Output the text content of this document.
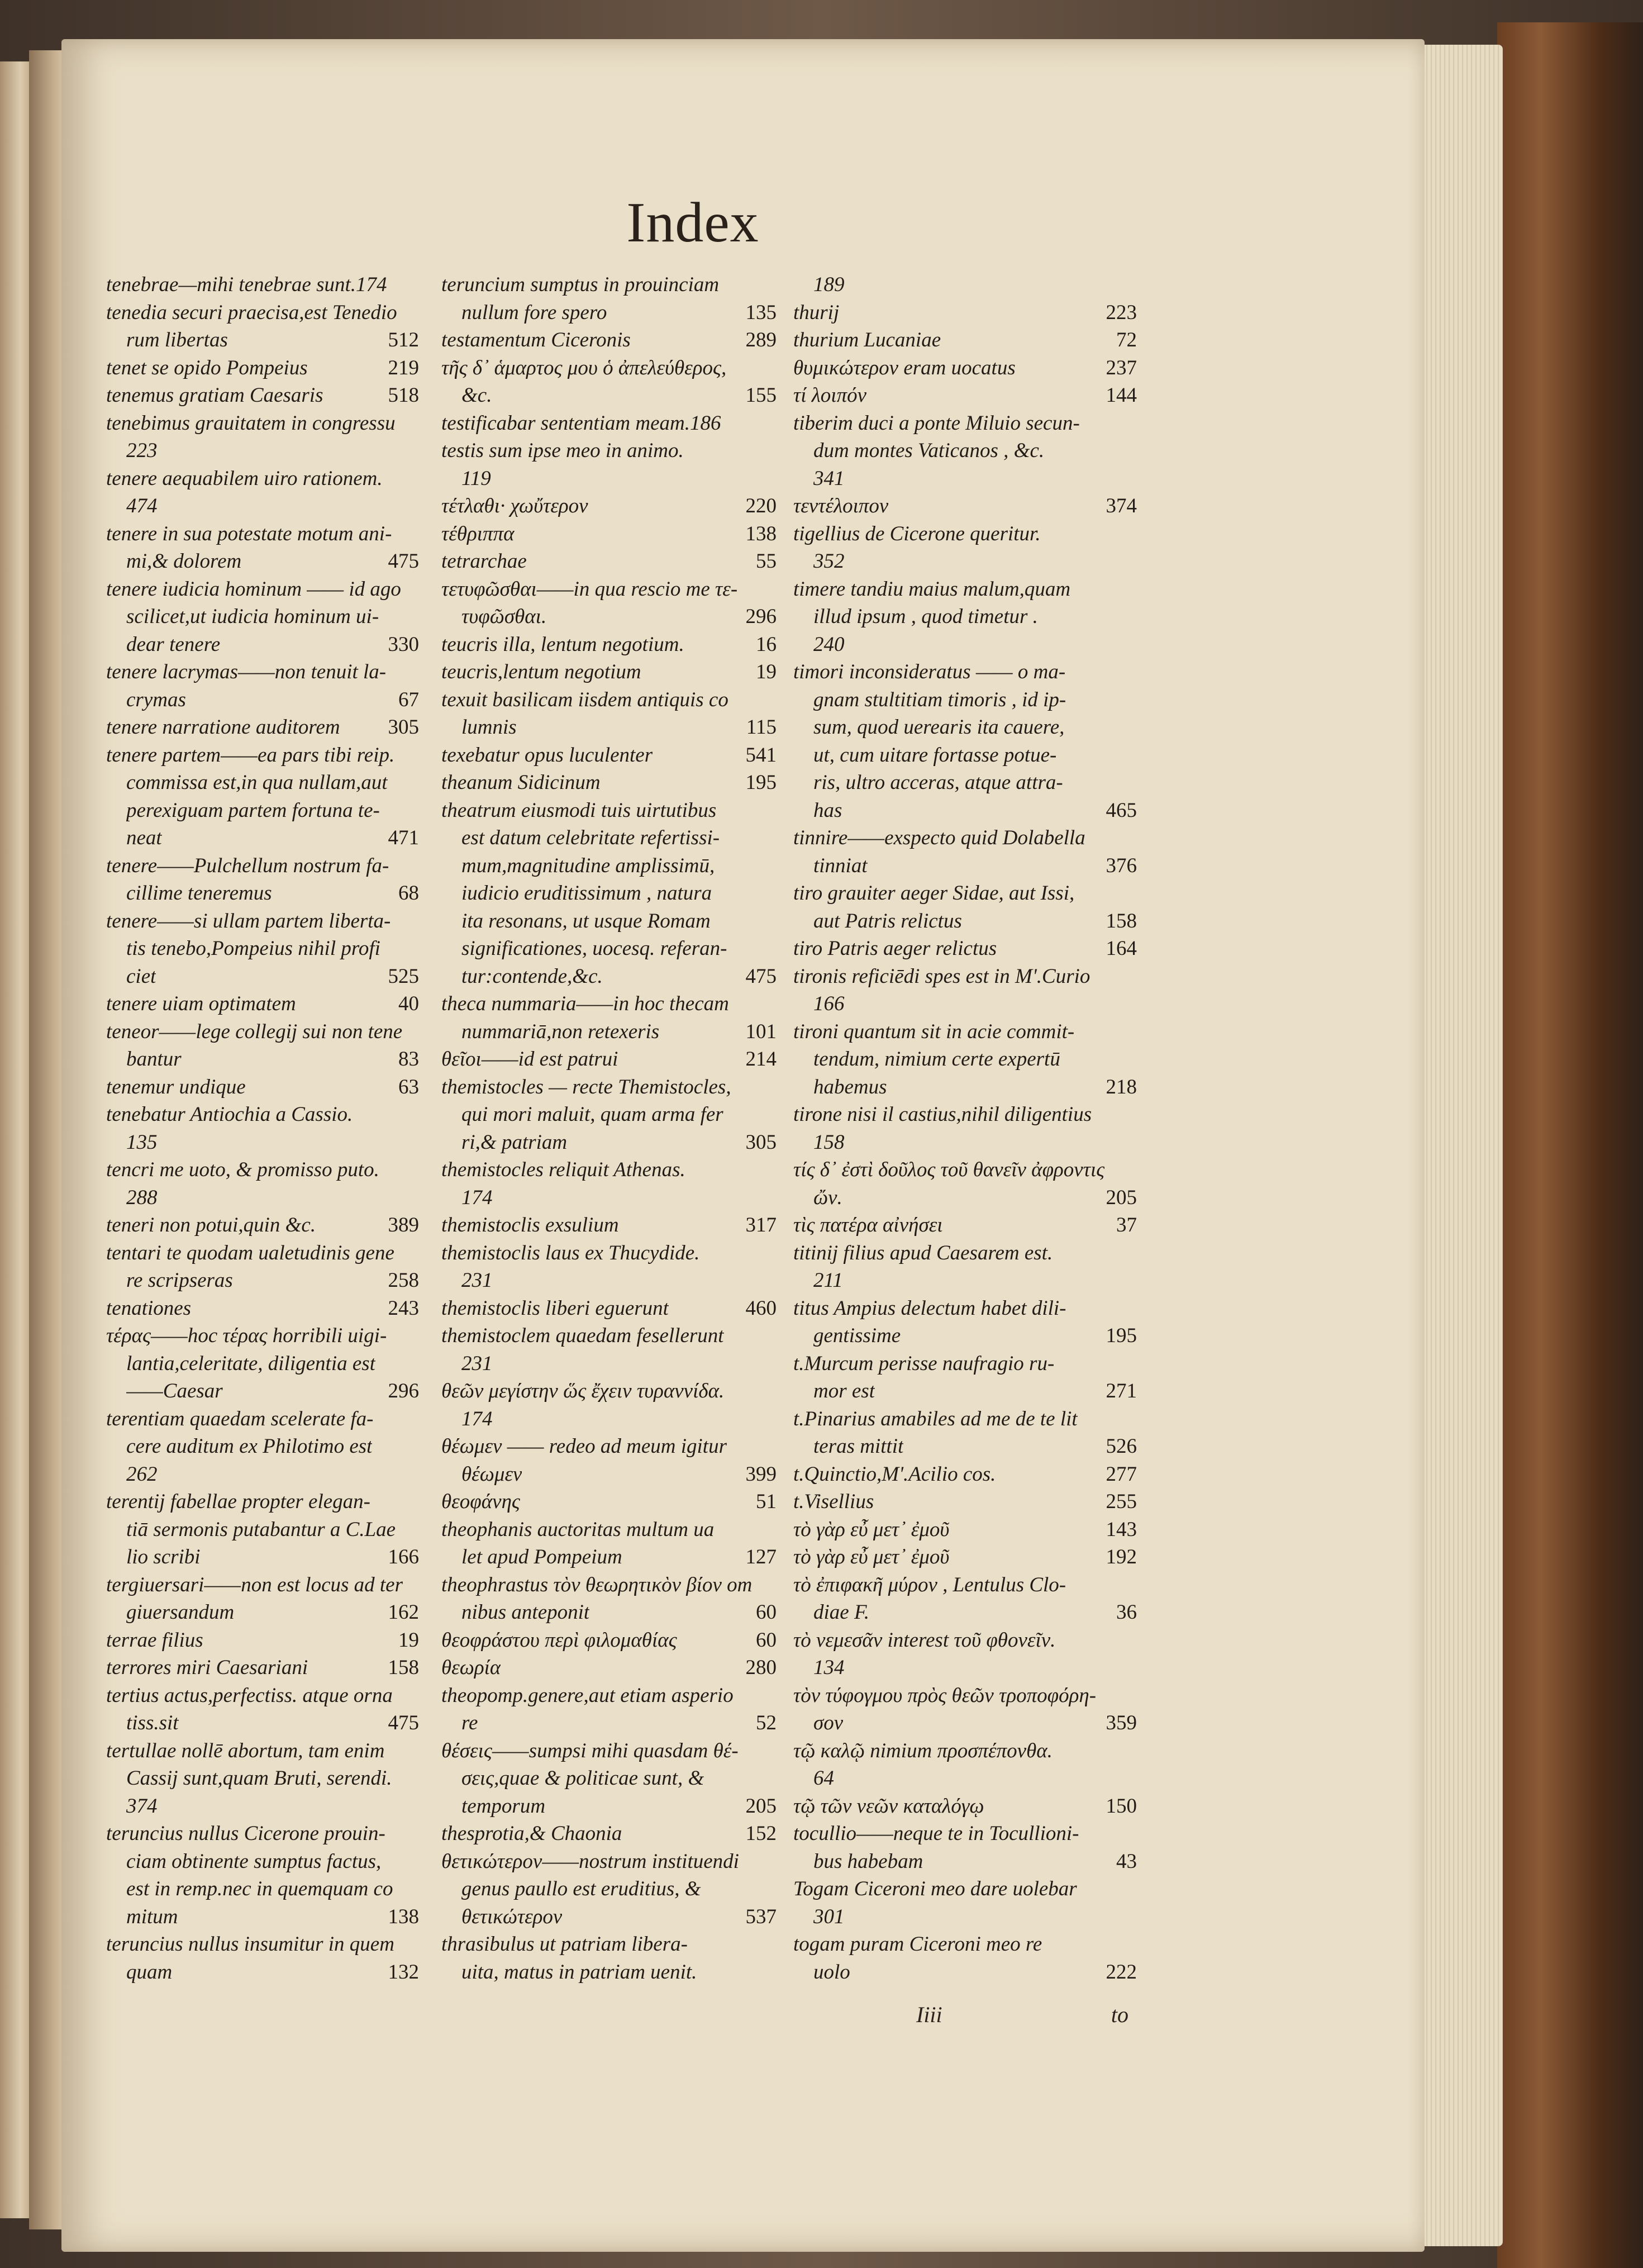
Index
tenebrae—mihi tenebrae sunt.174
tenedia securi praecisa,est Tenedio
rum libertas	512
tenet se opido Pompeius	219
tenemus gratiam Caesaris	518
tenebimus grauitatem in congressu
223
tenere aequabilem uiro rationem.
474
tenere in sua potestate motum ani-
mi,& dolorem	475
tenere iudicia hominum —— id ago
scilicet,ut iudicia hominum ui-
dear tenere	330
tenere lacrymas——non tenuit la-
crymas	67
tenere narratione auditorem 305
tenere partem——ea pars tibi reip.
commissa est,in qua nullam,aut
perexiguam partem fortuna te-
neat	471
tenere——Pulchellum nostrum fa-
cillime teneremus	68
tenere——si ullam partem liberta-
tis tenebo,Pompeius nihil profi
ciet	525
tenere uiam optimatem	40
teneor——lege collegij sui non tene
bantur	83
tenemur undique	63
tenebatur Antiochia a Cassio.
135
tencri me uoto, & promisso puto.
288
teneri non potui,quin &c.	389
tentari te quodam ualetudinis gene
re scripseras	258
tenationes	243
τέρας——hoc τέρας horribili uigi-
lantia,celeritate, diligentia est
——Caesar	296
terentiam quaedam scelerate fa-
cere auditum ex Philotimo est
262
terentij fabellae propter elegan-
tiā sermonis putabantur a C.Lae
lio scribi	166
tergiuersari——non est locus ad ter
giuersandum	162
terrae filius	19
terrores miri Caesariani	158
tertius actus,perfectiss. atque orna
tiss.sit	475
tertullae nollē abortum, tam enim
Cassij sunt,quam Bruti, serendi.
374
teruncius nullus Cicerone prouin-
ciam obtinente sumptus factus,
est in remp.nec in quemquam co
mitum	138
teruncius nullus insumitur in quem
quam	132
teruncium sumptus in prouinciam
nullum fore spero	135
testamentum Ciceronis	289
τῆς δ᾽ ἁμαρτος μου ὁ ἀπελεύθερος,
&c.	155
testificabar sententiam meam.186
testis sum ipse meo in animo.
119
τέτλαθι· χωὔτερον	220
τέθριππα	138
tetrarchae	55
τετυφῶσθαι——in qua rescio me τε-
τυφῶσθαι.	296
teucris illa, lentum negotium.	16
teucris,lentum negotium	19
texuit basilicam iisdem antiquis co
lumnis	115
texebatur opus luculenter	541
theanum Sidicinum	195
theatrum eiusmodi tuis uirtutibus
est datum celebritate refertissi-
mum,magnitudine amplissimū,
iudicio eruditissimum , natura
ita resonans, ut usque Romam
significationes, uocesq. referan-
tur:contende,&c.	475
theca nummaria——in hoc thecam
nummariā,non retexeris	101
θεῖοι——id est patrui	214
themistocles — recte Themistocles,
qui mori maluit, quam arma fer
ri,& patriam	305
themistocles reliquit Athenas.
174
themistoclis exsulium	317
themistoclis laus ex Thucydide.
231
themistoclis liberi eguerunt	460
themistoclem quaedam fesellerunt
231
θεῶν μεγίστην ὥς ἔχειν τυραννίδα.
174
θέωμεν —— redeo ad meum igitur
θέωμεν	399
θεοφάνης	51
theophanis auctoritas multum ua
let apud Pompeium	127
theophrastus τὸν θεωρητικὸν βίον om
nibus anteponit	60
θεοφράστου περὶ φιλομαθίας	60
θεωρία	280
theopomp.genere,aut etiam asperio
re	52
θέσεις——sumpsi mihi quasdam θέ-
σεις,quae & politicae sunt, &
temporum	205
thesprotia,& Chaonia	152
θετικώτερον——nostrum instituendi
genus paullo est eruditius, &
θετικώτερον	537
thrasibulus ut patriam libera-
uita, matus in patriam uenit.
189
thurij	223
thurium Lucaniae	72
θυμικώτερον eram uocatus	237
τί λοιπόν	144
tiberim duci a ponte Miluio secun-
dum montes Vaticanos , &c.
341
τεντέλοιπον	374
tigellius de Cicerone queritur.
352
timere tandiu maius malum,quam
illud ipsum , quod timetur .
240
timori inconsideratus —— o ma-
gnam stultitiam timoris , id ip-
sum, quod uerearis ita cauere,
ut, cum uitare fortasse potue-
ris, ultro acceras, atque attra-
has	465
tinnire——exspecto quid Dolabella
tinniat	376
tiro grauiter aeger Sidae, aut Issi,
aut Patris relictus	158
tiro Patris aeger relictus	164
tironis reficiēdi spes est in M'.Curio
166
tironi quantum sit in acie commit-
tendum, nimium certe expertū
habemus	218
tirone nisi il castius,nihil diligentius
158
τίς δ᾽ ἐστὶ δοῦλος τοῦ θανεῖν ἀφροντις
ὤν.	205
τὶς πατέρα αἰνήσει	37
titinij filius apud Caesarem est.
211
titus Ampius delectum habet dili-
gentissime	195
t.Murcum perisse naufragio ru-
mor est	271
t.Pinarius amabiles ad me de te lit
teras mittit	526
t.Quinctio,M'.Acilio cos.	277
t.Visellius	255
τὸ γὰρ εὖ μετ᾽ ἐμοῦ	143
τὸ γὰρ εὖ μετ᾽ ἐμοῦ	192
τὸ ἐπιφακῆ μύρον , Lentulus Clo-
diae F.	36
τὸ νεμεσᾶν interest τοῦ φθονεῖν.
134
τὸν τύφογμου πρὸς θεῶν τροποφόρη-
σον	359
τῷ καλῷ nimium προσπέπονθα.
64
τῷ τῶν νεῶν καταλόγῳ	150
tocullio——neque te in Tocullioni-
bus habebam	43
Togam Ciceroni meo dare uolebar
301
togam puram Ciceroni meo re
uolo	222
Iiii	to
